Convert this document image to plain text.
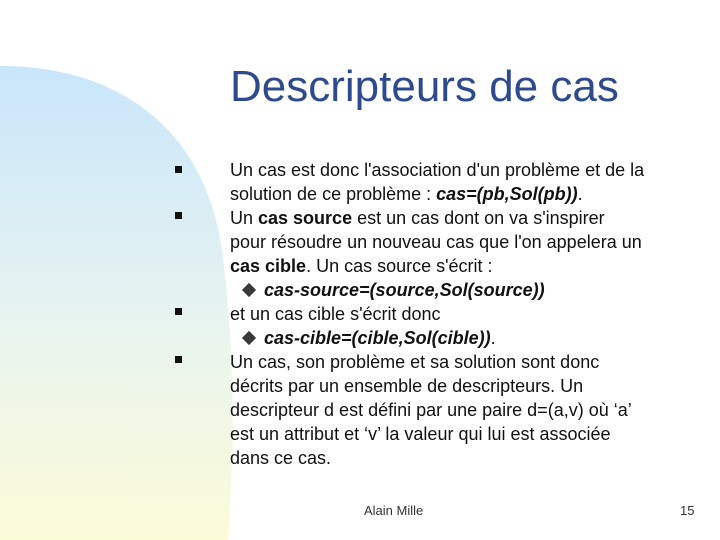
Descripteurs de cas
Un cas est donc l'association d'un problème et de la
solution de ce problème : cas=(pb,Sol(pb)).
Un cas source est un cas dont on va s'inspirer
pour résoudre un nouveau cas que l'on appelera un
cas cible. Un cas source s'écrit :
cas-source=(source,Sol(source))
et un cas cible s'écrit donc
cas-cible=(cible,Sol(cible)).
Un cas, son problème et sa solution sont donc
décrits par un ensemble de descripteurs. Un
descripteur d est défini par une paire d=(a,v) où ‘a’
est un attribut et ‘v’ la valeur qui lui est associée
dans ce cas.
Alain Mille	15
